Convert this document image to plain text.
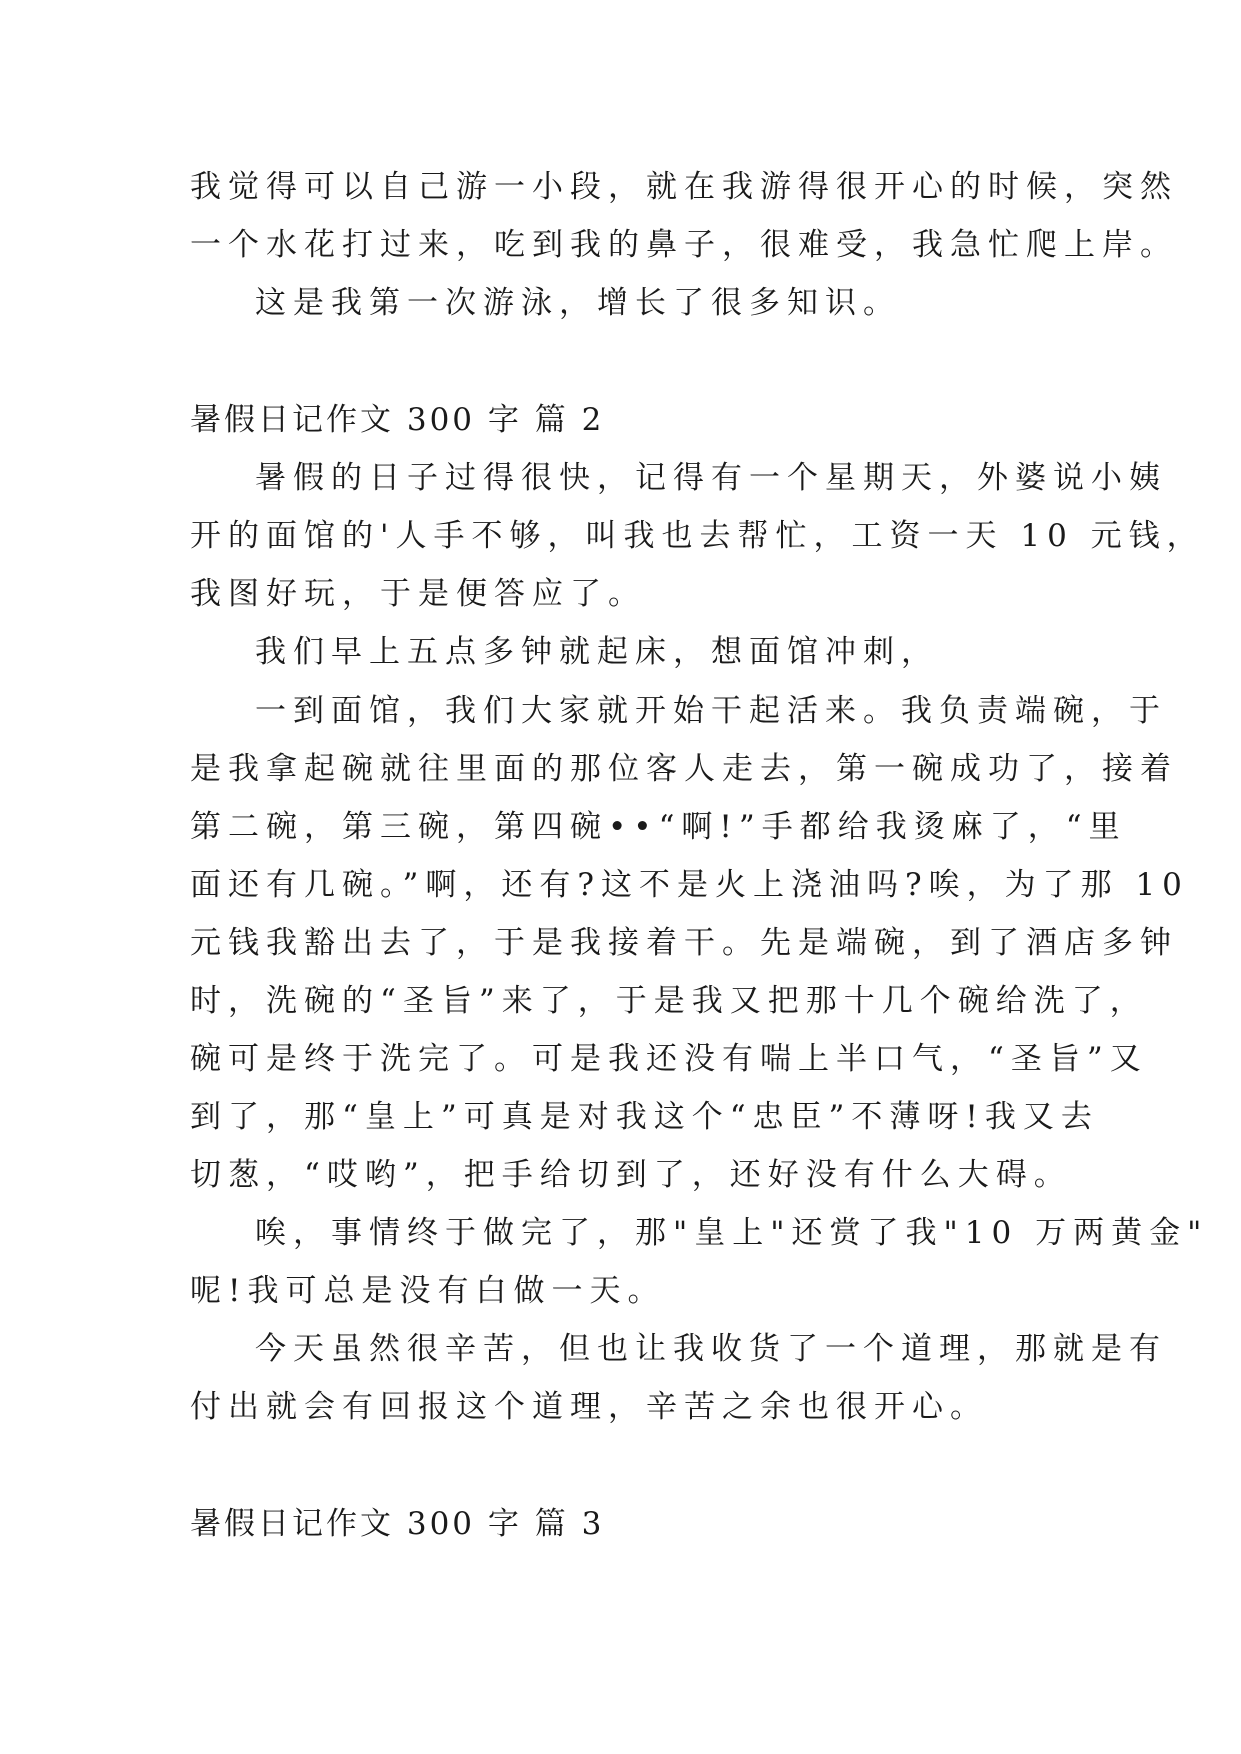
我觉得可以自己游一小段，就在我游得很开心的时候，突然
一个水花打过来，吃到我的鼻子，很难受，我急忙爬上岸。
这是我第一次游泳，增长了很多知识。
暑假日记作文 300 字 篇 2
暑假的日子过得很快，记得有一个星期天，外婆说小姨
开的面馆的'人手不够，叫我也去帮忙，工资一天 10 元钱，
我图好玩，于是便答应了。
我们早上五点多钟就起床，想面馆冲刺，
一到面馆，我们大家就开始干起活来。我负责端碗，于
是我拿起碗就往里面的那位客人走去，第一碗成功了，接着
第二碗，第三碗，第四碗••“啊!”手都给我烫麻了，“里
面还有几碗。”啊，还有?这不是火上浇油吗?唉，为了那 10
元钱我豁出去了，于是我接着干。先是端碗，到了酒店多钟
时，洗碗的“圣旨”来了，于是我又把那十几个碗给洗了，
碗可是终于洗完了。可是我还没有喘上半口气，“圣旨”又
到了，那“皇上”可真是对我这个“忠臣”不薄呀!我又去
切葱，“哎哟”，把手给切到了，还好没有什么大碍。
唉，事情终于做完了，那"皇上"还赏了我"10 万两黄金"
呢!我可总是没有白做一天。
今天虽然很辛苦，但也让我收货了一个道理，那就是有
付出就会有回报这个道理，辛苦之余也很开心。
暑假日记作文 300 字 篇 3
